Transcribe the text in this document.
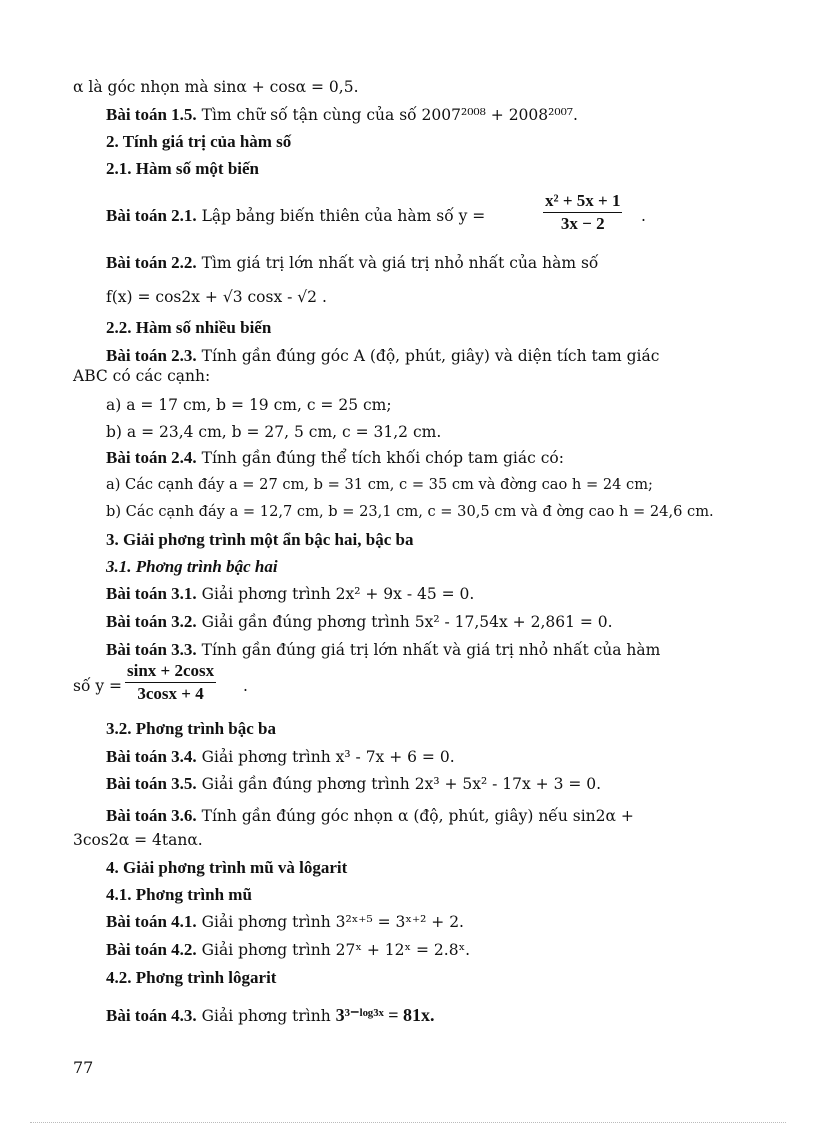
α là góc nhọn mà sinα + cosα = 0,5.
Bài toán 1.5. Tìm chữ số tận cùng của số 2007²⁰⁰⁸ + 2008²⁰⁰⁷.
2. Tính giá trị của hàm số
2.1. Hàm số một biến
Bài toán 2.1. Lập bảng biến thiên của hàm số y =	$\frac{\text{x² + 5x + 1}}{3x - 2}$ .
Bài toán 2.2. Tìm giá trị lớn nhất và giá trị nhỏ nhất của hàm số
f(x) = cos2x + √3 cosx - √2 .
2.2. Hàm số nhiều biến
Bài toán 2.3. Tính gần đúng góc A (độ, phút, giây) và diện tích tam giác
ABC có các cạnh:
a) a = 17 cm, b = 19 cm, c = 25 cm;
b) a = 23,4 cm, b = 27, 5 cm, c = 31,2 cm.
Bài toán 2.4. Tính gần đúng thể tích khối chóp tam giác có:
a) Các cạnh đáy a = 27 cm, b = 31 cm, c = 35 cm và đờng cao h = 24 cm;
b) Các cạnh đáy a = 12,7 cm, b = 23,1 cm, c = 30,5 cm và đ ờng cao h = 24,6 cm.
3. Giải phơng trình một ẩn bậc hai, bậc ba
3.1. Phơng trình bậc hai
Bài toán 3.1. Giải phơng trình 2x² + 9x - 45 = 0.
Bài toán 3.2. Giải gần đúng phơng trình 5x² - 17,54x + 2,861 = 0.
Bài toán 3.3. Tính gần đúng giá trị lớn nhất và giá trị nhỏ nhất của hàm
số $y = \frac{\sin x + 2\cos x}{3\cos x + 4}$ .
3.2. Phơng trình bậc ba
Bài toán 3.4. Giải phơng trình x³ - 7x + 6 = 0.
Bài toán 3.5. Giải gần đúng phơng trình 2x³ + 5x² - 17x + 3 = 0.
Bài toán 3.6. Tính gần đúng góc nhọn α (độ, phút, giây) nếu sin2α +
3cos2α = 4tanα.
4. Giải phơng trình mũ và lôgarit
4.1. Phơng trình mũ
Bài toán 4.1. Giải phơng trình 3²ˣ⁺⁵ = 3ˣ⁺² + 2.
Bài toán 4.2. Giải phơng trình 27ˣ + 12ˣ = 2.8ˣ.
4.2. Phơng trình lôgarit
Bài toán 4.3. Giải phơng trình 3³⁻ˡᵒᵍ³ˣ = 81x.
77
